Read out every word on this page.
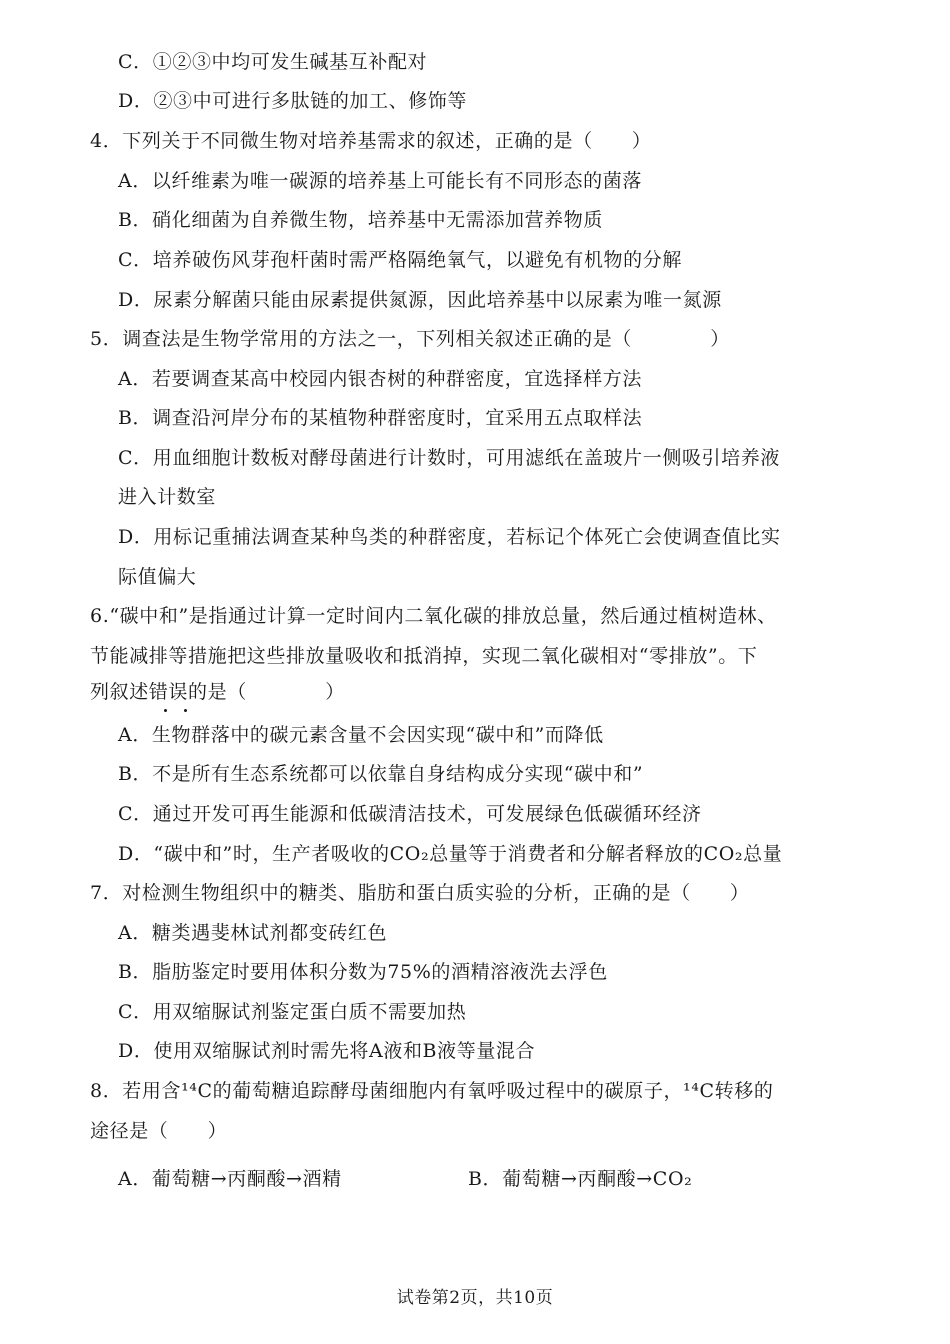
C．①②③中均可发生碱基互补配对
D．②③中可进行多肽链的加工、修饰等
4．下列关于不同微生物对培养基需求的叙述，正确的是（　　）
A．以纤维素为唯一碳源的培养基上可能长有不同形态的菌落
B．硝化细菌为自养微生物，培养基中无需添加营养物质
C．培养破伤风芽孢杆菌时需严格隔绝氧气，以避免有机物的分解
D．尿素分解菌只能由尿素提供氮源，因此培养基中以尿素为唯一氮源
5．调查法是生物学常用的方法之一，下列相关叙述正确的是（　　　　）
A．若要调查某高中校园内银杏树的种群密度，宜选择样方法
B．调查沿河岸分布的某植物种群密度时，宜采用五点取样法
C．用血细胞计数板对酵母菌进行计数时，可用滤纸在盖玻片一侧吸引培养液
进入计数室
D．用标记重捕法调查某种鸟类的种群密度，若标记个体死亡会使调查值比实
际值偏大
6.“碳中和”是指通过计算一定时间内二氧化碳的排放总量，然后通过植树造林、
节能减排等措施把这些排放量吸收和抵消掉，实现二氧化碳相对“零排放”。下
列叙述错误的是（　　　　）
A．生物群落中的碳元素含量不会因实现“碳中和”而降低
B．不是所有生态系统都可以依靠自身结构成分实现“碳中和”
C．通过开发可再生能源和低碳清洁技术，可发展绿色低碳循环经济
D．“碳中和”时，生产者吸收的CO₂总量等于消费者和分解者释放的CO₂总量
7．对检测生物组织中的糖类、脂肪和蛋白质实验的分析，正确的是（　　）
A．糖类遇斐林试剂都变砖红色
B．脂肪鉴定时要用体积分数为75%的酒精溶液洗去浮色
C．用双缩脲试剂鉴定蛋白质不需要加热
D．使用双缩脲试剂时需先将A液和B液等量混合
8．若用含¹⁴C的葡萄糖追踪酵母菌细胞内有氧呼吸过程中的碳原子，¹⁴C转移的
途径是（　　）
A．葡萄糖→丙酮酸→酒精	B．葡萄糖→丙酮酸→CO₂
试卷第2页，共10页
